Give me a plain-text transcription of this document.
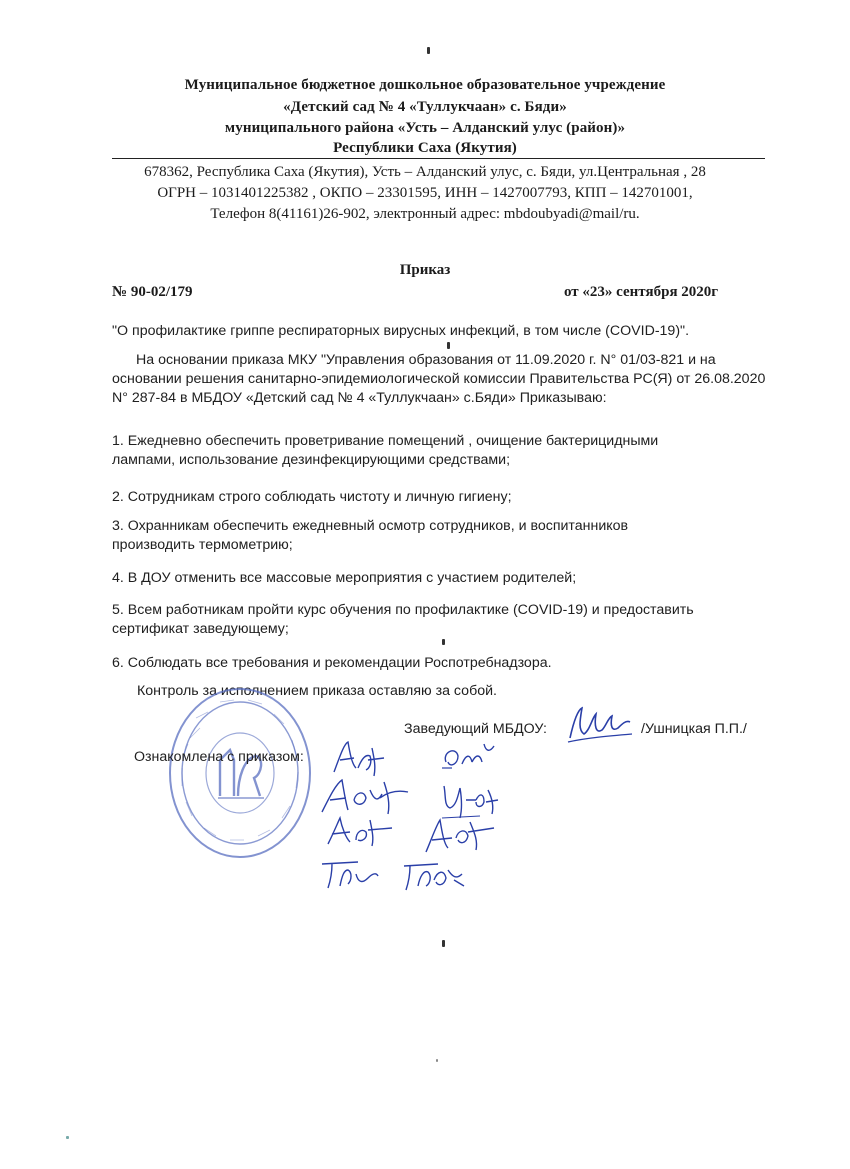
Муниципальное бюджетное дошкольное образовательное учреждение
«Детский сад № 4 «Туллукчаан» с. Бяди»
муниципального района «Усть – Алданский улус (район)»
Республики Саха (Якутия)
678362, Республика Саха (Якутия), Усть – Алданский улус, с. Бяди, ул.Центральная , 28
ОГРН – 1031401225382 , ОКПО – 23301595, ИНН – 1427007793, КПП – 142701001,
Телефон 8(41161)26-902, электронный адрес: mbdoubyadi@mail/ru.
Приказ
№ 90-02/179	от «23» сентября 2020г
"О профилактике гриппе респираторных вирусных инфекций, в том числе (COVID-19)".
На основании приказа МКУ "Управления образования от 11.09.2020 г. N° 01/03-821 и на основании решения санитарно-эпидемиологической комиссии Правительства РС(Я) от 26.08.2020 N° 287-84 в МБДОУ «Детский сад № 4 «Туллукчаан» с.Бяди» Приказываю:
1. Ежедневно обеспечить проветривание помещений , очищение бактерицидными лампами, использование дезинфекцирующими средствами;
2. Сотрудникам строго соблюдать чистоту и личную гигиену;
3. Охранникам обеспечить ежедневный осмотр сотрудников, и воспитанников производить термометрию;
4. В ДОУ отменить все массовые мероприятия с участием родителей;
5. Всем работникам пройти курс обучения по профилактике (COVID-19) и предоставить сертификат заведующему;
6. Соблюдать все требования и рекомендации Роспотребнадзора.
Контроль за исполнением приказа оставляю за собой.
Заведующий МБДОУ:	/Ушницкая П.П./
Ознакомлена с приказом:
